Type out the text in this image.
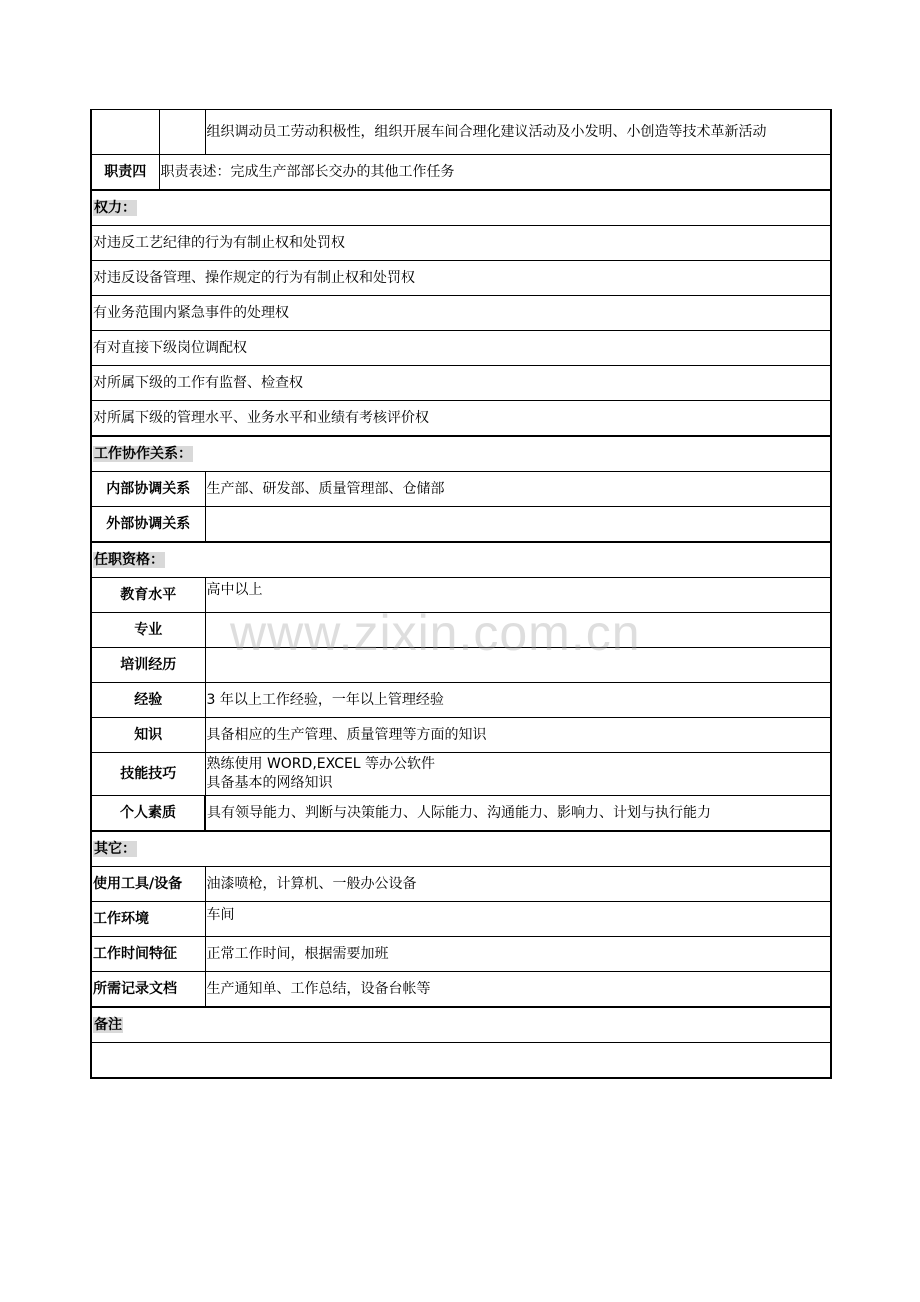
		组织调动员工劳动积极性，组织开展车间合理化建议活动及小发明、小创造等技术革新活动
职责四	职责表述：完成生产部部长交办的其他工作任务	
权力：		
对违反工艺纪律的行为有制止权和处罚权		
对违反设备管理、操作规定的行为有制止权和处罚权		
有业务范围内紧急事件的处理权		
有对直接下级岗位调配权		
对所属下级的工作有监督、检查权		
对所属下级的管理水平、业务水平和业绩有考核评价权		
工作协作关系：		
内部协调关系		生产部、研发部、质量管理部、仓储部
外部协调关系		
任职资格：		
教育水平		高中以上
专业		
培训经历		
经验		3 年以上工作经验，一年以上管理经验
知识		具备相应的生产管理、质量管理等方面的知识
技能技巧		熟练使用 WORD,EXCEL 等办公软件
具备基本的网络知识

个人素质		具有领导能力、判断与决策能力、人际能力、沟通能力、影响力、计划与执行能力
其它：		
使用工具/设备		油漆喷枪，计算机、一般办公设备
工作环境		车间
工作时间特征		正常工作时间，根据需要加班
所需记录文档		生产通知单、工作总结，设备台帐等
备注		

www.zixin.com.cn
